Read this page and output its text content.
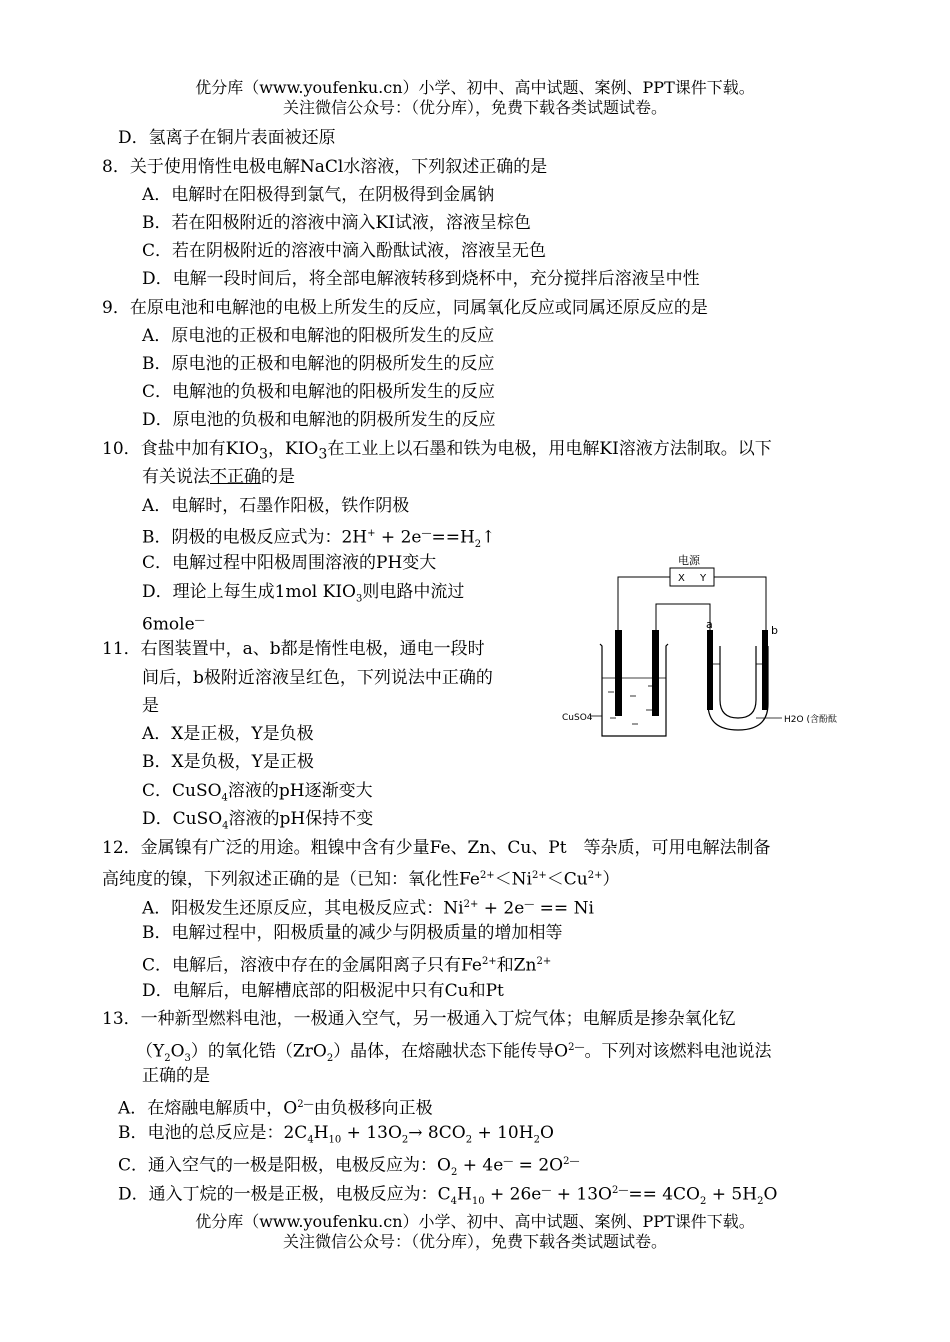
优分库（www.youfenku.cn）小学、初中、高中试题、案例、PPT课件下载。
关注微信公众号：（优分库），免费下载各类试题试卷。
D．氢离子在铜片表面被还原
8．关于使用惰性电极电解NaCl水溶液，下列叙述正确的是
A．电解时在阳极得到氯气，在阴极得到金属钠
B．若在阳极附近的溶液中滴入KI试液，溶液呈棕色
C．若在阴极附近的溶液中滴入酚酞试液，溶液呈无色
D．电解一段时间后，将全部电解液转移到烧杯中，充分搅拌后溶液呈中性
9．在原电池和电解池的电极上所发生的反应，同属氧化反应或同属还原反应的是
A．原电池的正极和电解池的阳极所发生的反应
B．原电池的正极和电解池的阴极所发生的反应
C．电解池的负极和电解池的阳极所发生的反应
D．原电池的负极和电解池的阴极所发生的反应
10．食盐中加有$KIO_3$，$KIO_3$在工业上以石墨和铁为电极，用电解KI溶液方法制取。以下
有关说法不正确的是
A．电解时，石墨作阳极，铁作阴极
B．阴极的电极反应式为：$2H^+ + 2e^—==H_2↑$
C．电解过程中阳极周围溶液的PH变大
D．理论上每生成1mol $KIO_3$则电路中流过
6mole—
11．右图装置中，a、b都是惰性电极，通电一段时
间后，b极附近溶液呈红色，下列说法中正确的
是
A．X是正极，Y是负极
B．X是负极，Y是正极
C．CuSO$_4$溶液的pH逐渐变大
D．CuSO$_4$溶液的pH保持不变
电源
X Y
CuSO4
a	b
H2O (含酚酞
12．金属镍有广泛的用途。粗镍中含有少量Fe、Zn、Cu、Pt　等杂质，可用电解法制备
高纯度的镍，下列叙述正确的是（已知：氧化性$Fe^{2+}<Ni^{2+}<Cu^{2+}$）
A．阳极发生还原反应，其电极反应式：$Ni^{2+} + 2e^— == Ni$
B．电解过程中，阳极质量的减少与阴极质量的增加相等
C．电解后，溶液中存在的金属阳离子只有$Fe^{2+}$和$Zn^{2+}$
D．电解后，电解槽底部的阳极泥中只有Cu和Pt
13．一种新型燃料电池，一极通入空气，另一极通入丁烷气体；电解质是掺杂氧化钇
$(Y_2O_3)$的氧化锆（ZrO$_2$）晶体，在熔融状态下能传导$O^{2—}$。下列对该燃料电池说法
正确的是
A．在熔融电解质中，$O^{2—}$由负极移向正极
B．电池的总反应是：$2C_4H_{10} + 13O_2\to 8CO_2 + 10H_2O$
C．通入空气的一极是阳极，电极反应为：$O_2 + 4e^— = 2O^{2—}$
D．通入丁烷的一极是正极，电极反应为：$C_4H_{10} + 26e^— + 13O^{2—}== 4CO_2 + 5H_2O$
优分库（www.youfenku.cn）小学、初中、高中试题、案例、PPT课件下载。
关注微信公众号：（优分库），免费下载各类试题试卷。
